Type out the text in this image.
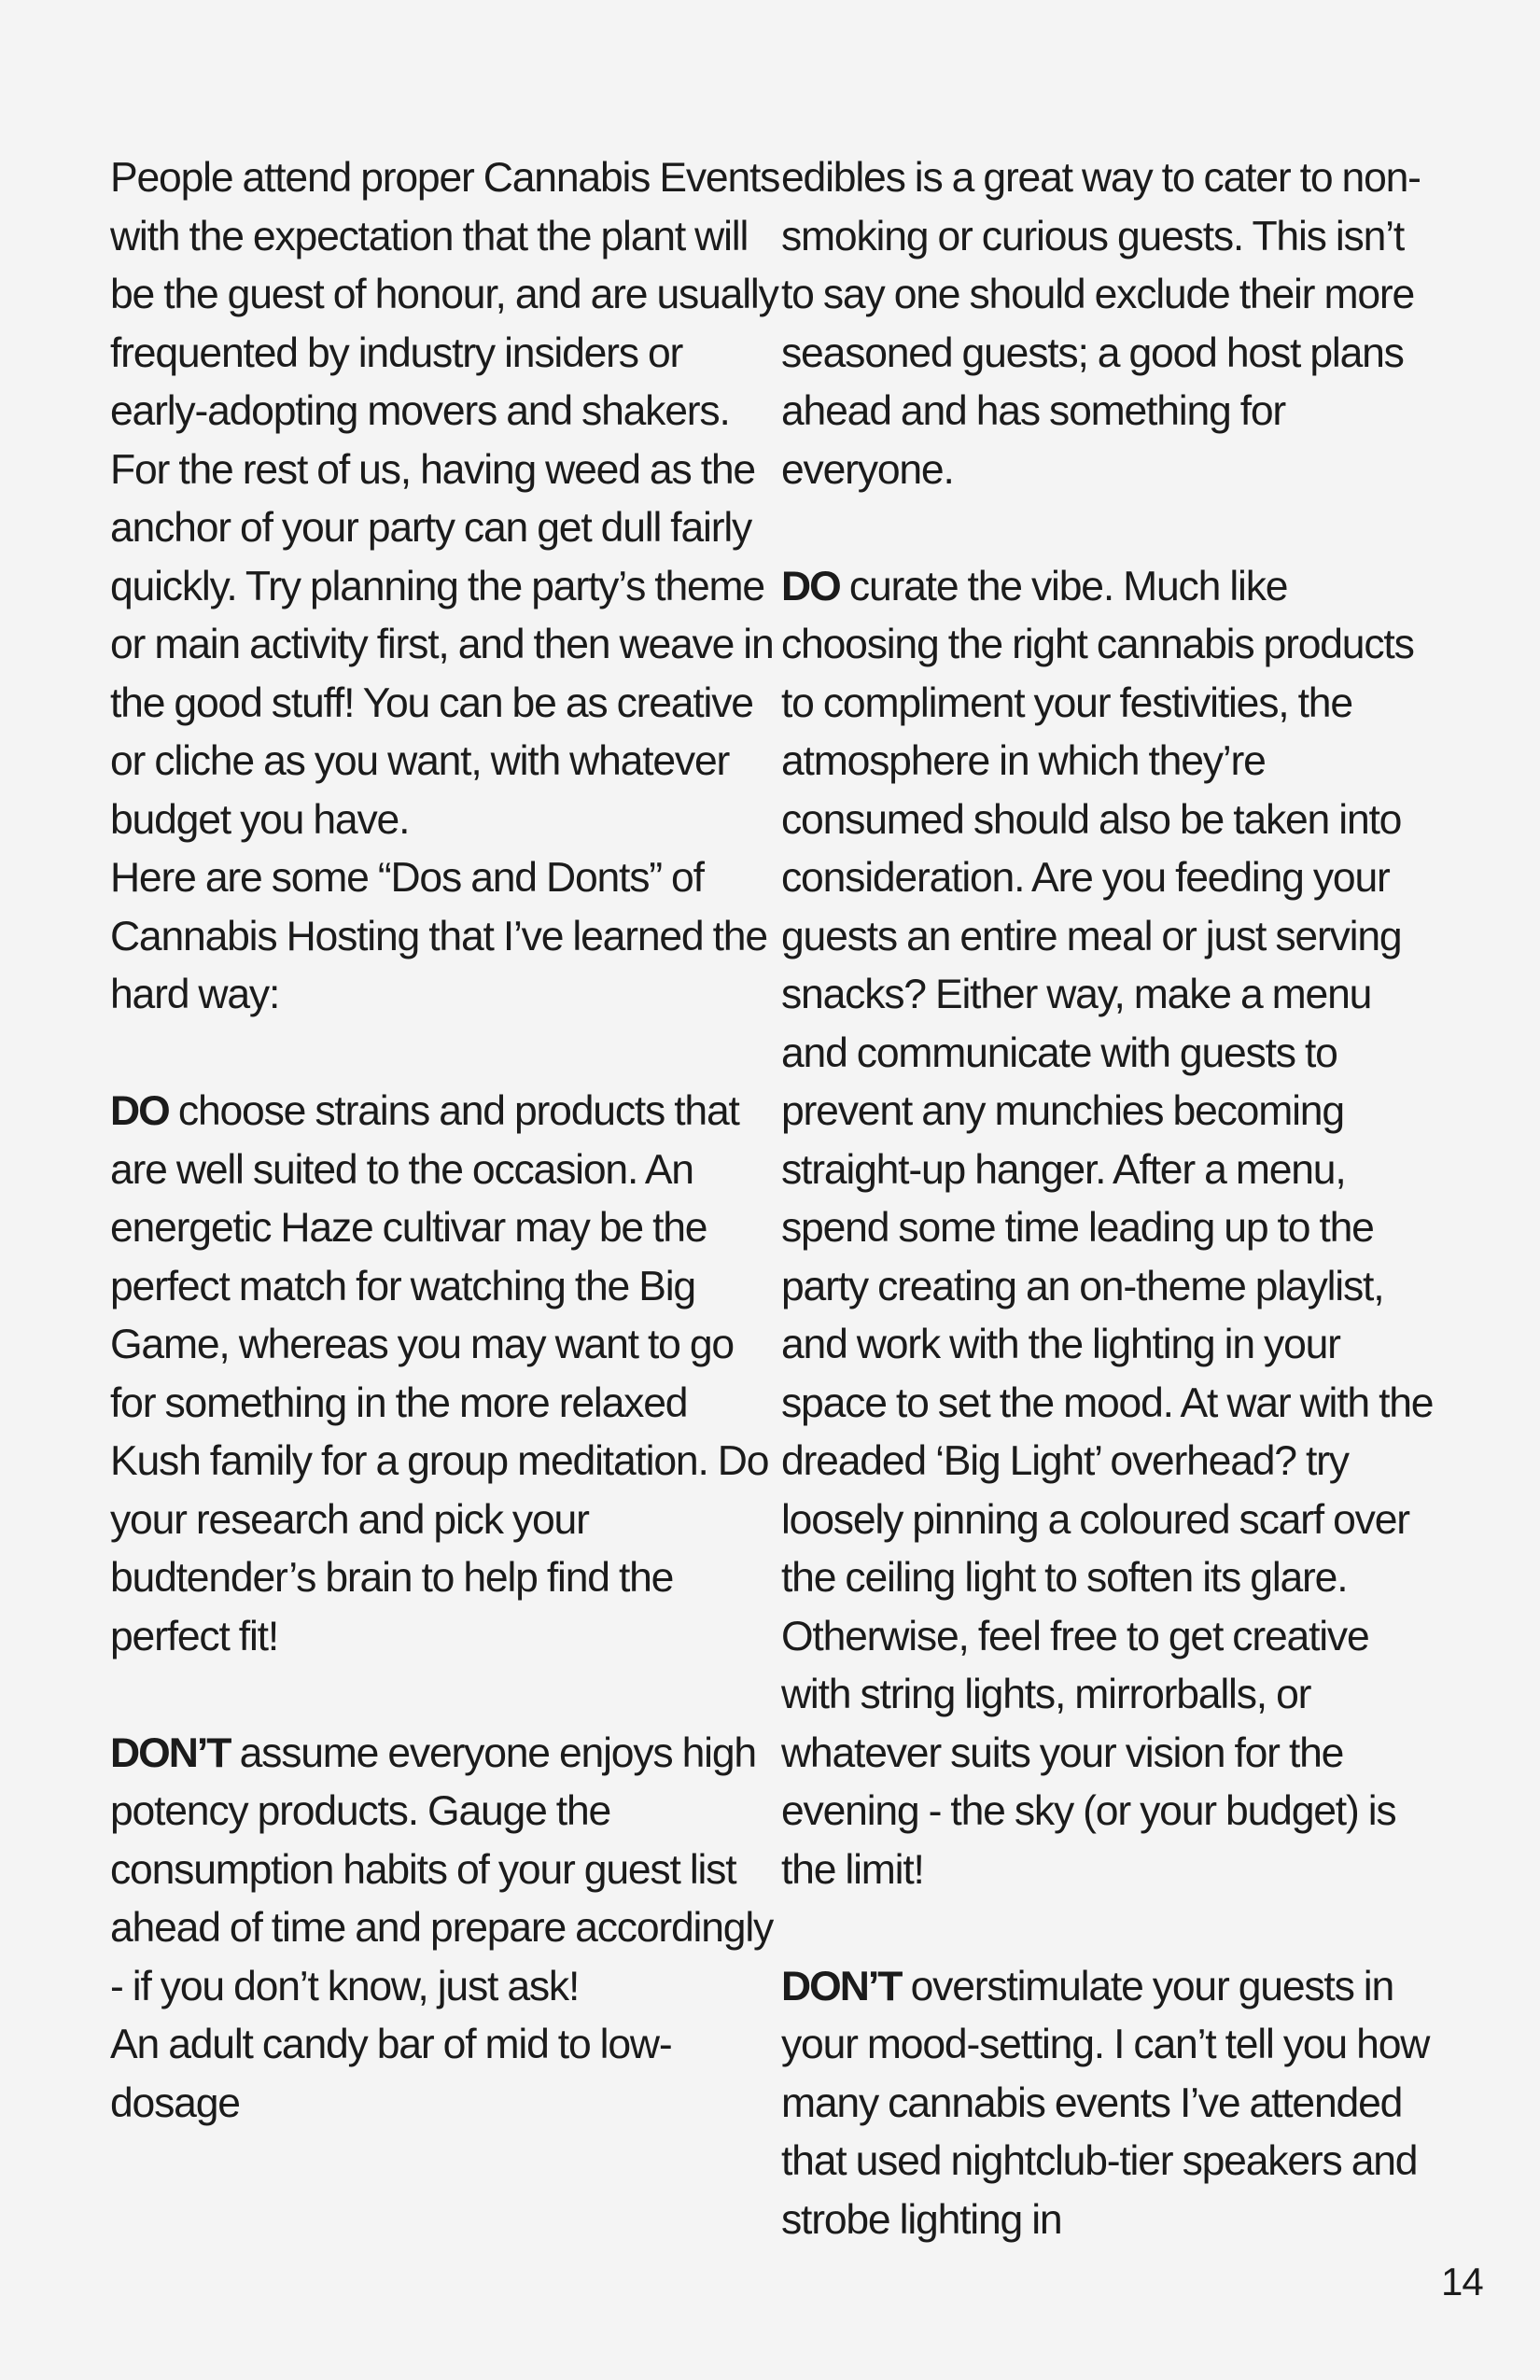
People attend proper Cannabis Events with the expectation that the plant will be the guest of honour, and are usually frequented by industry insiders or early-adopting movers and shakers. For the rest of us, having weed as the anchor of your party can get dull fairly quickly. Try planning the party’s theme or main activity first, and then weave in the good stuff! You can be as creative or cliche as you want, with whatever budget you have.

Here are some “Dos and Donts” of Cannabis Hosting that I’ve learned the hard way:

DO choose strains and products that are well suited to the occasion. An energetic Haze cultivar may be the perfect match for watching the Big Game, whereas you may want to go for something in the more relaxed Kush family for a group meditation. Do your research and pick your budtender’s brain to help find the perfect fit!

DON’T assume everyone enjoys high potency products. Gauge the consumption habits of your guest list ahead of time and prepare accordingly - if you don’t know, just ask!

An adult candy bar of mid to low-dosage

edibles is a great way to cater to non-smoking or curious guests. This isn’t to say one should exclude their more seasoned guests; a good host plans ahead and has something for everyone.

DO curate the vibe. Much like choosing the right cannabis products to compliment your festivities, the atmosphere in which they’re consumed should also be taken into consideration. Are you feeding your guests an entire meal or just serving snacks? Either way, make a menu and communicate with guests to prevent any munchies becoming straight-up hanger. After a menu, spend some time leading up to the party creating an on-theme playlist, and work with the lighting in your space to set the mood. At war with the dreaded ‘Big Light’ overhead? try loosely pinning a coloured scarf over the ceiling light to soften its glare. Otherwise, feel free to get creative with string lights, mirrorballs, or whatever suits your vision for the evening - the sky (or your budget) is the limit!

DON’T overstimulate your guests in your mood-setting. I can’t tell you how many cannabis events I’ve attended that used nightclub-tier speakers and strobe lighting in

14
